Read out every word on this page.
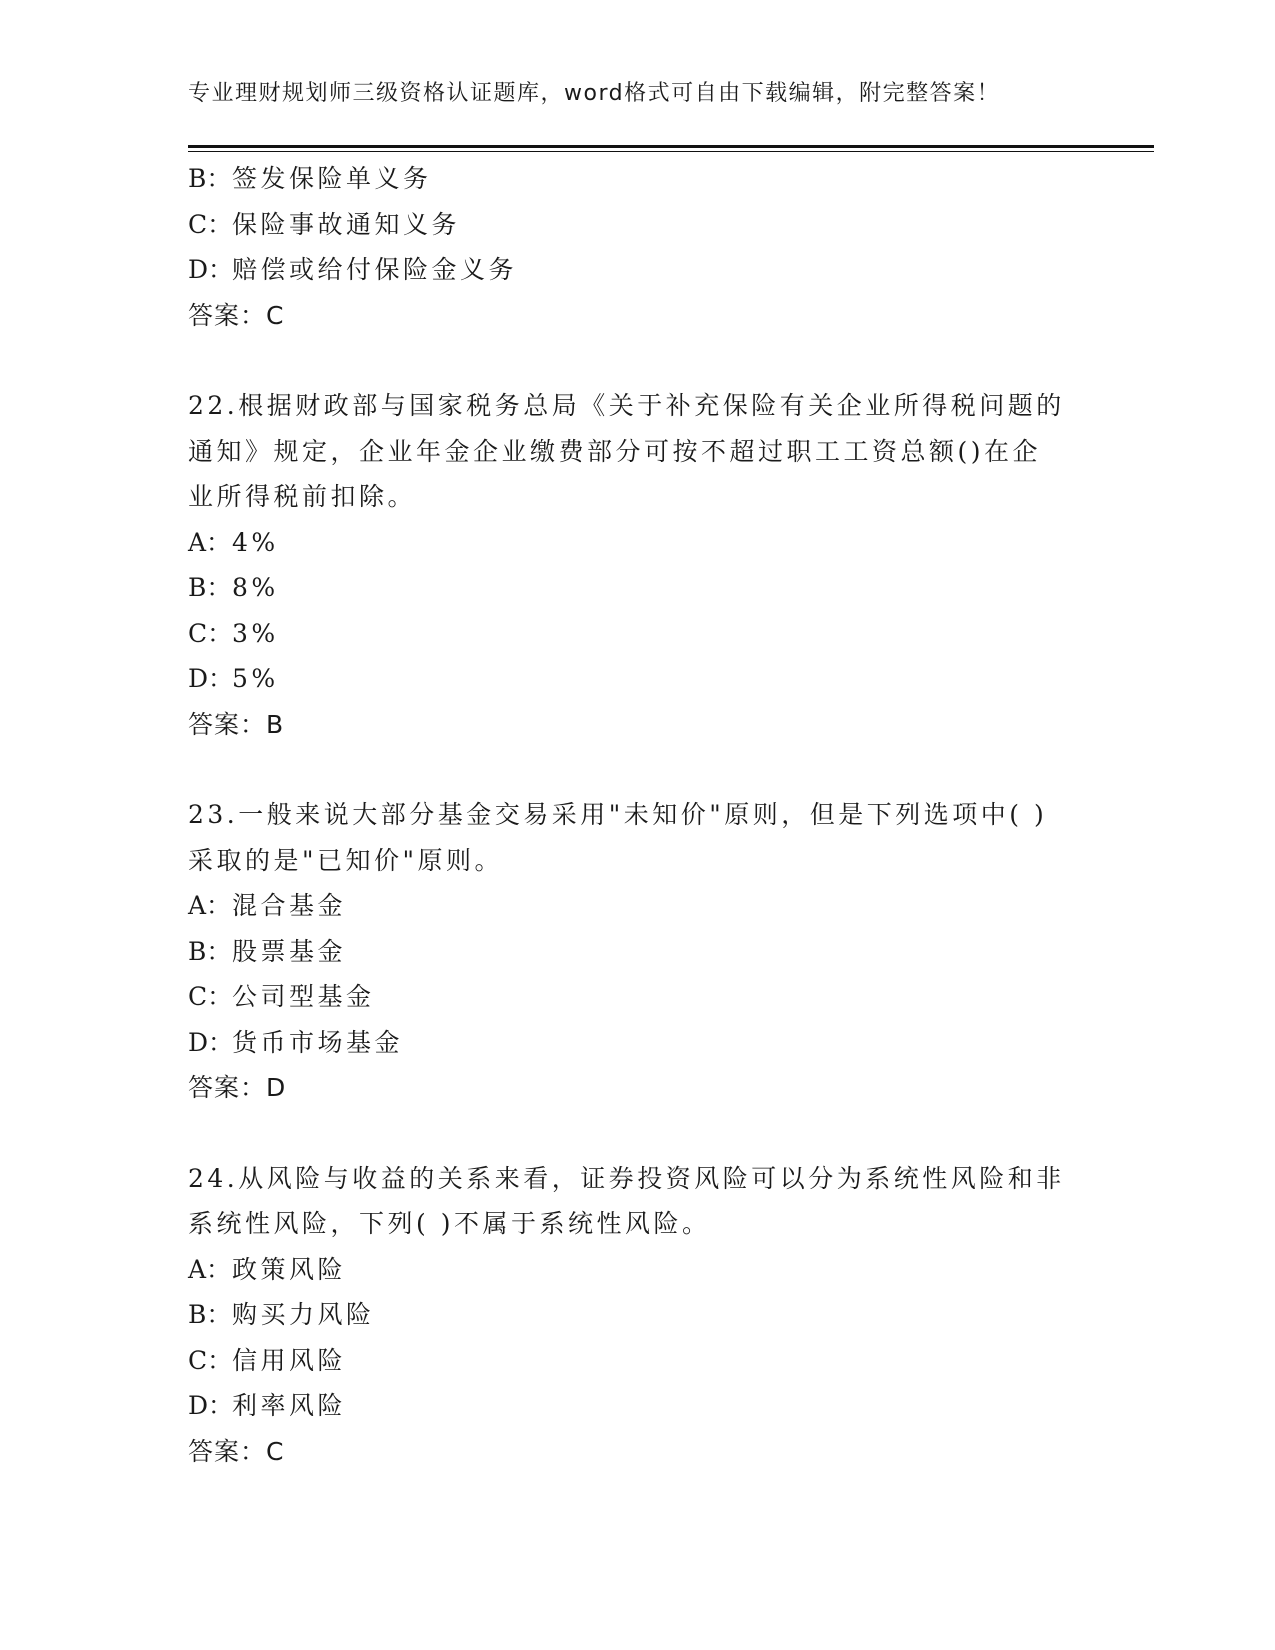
专业理财规划师三级资格认证题库，word格式可自由下载编辑，附完整答案！
B：签发保险单义务
C：保险事故通知义务
D：赔偿或给付保险金义务
答案：C
22.根据财政部与国家税务总局《关于补充保险有关企业所得税问题的
通知》规定，企业年金企业缴费部分可按不超过职工工资总额()在企
业所得税前扣除。
A：4%
B：8%
C：3%
D：5%
答案：B
23.一般来说大部分基金交易采用"未知价"原则，但是下列选项中( )
采取的是"已知价"原则。
A：混合基金
B：股票基金
C：公司型基金
D：货币市场基金
答案：D
24.从风险与收益的关系来看，证券投资风险可以分为系统性风险和非
系统性风险，下列( )不属于系统性风险。
A：政策风险
B：购买力风险
C：信用风险
D：利率风险
答案：C
